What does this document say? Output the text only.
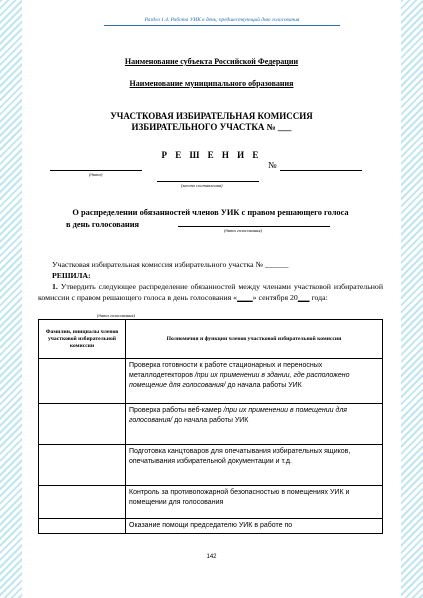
Раздел 1.4. Работа УИК в день, предшествующий дню голосования
Наименование субъекта Российской Федерации
Наименование муниципального образования
УЧАСТКОВАЯ ИЗБИРАТЕЛЬНАЯ КОМИССИЯ
ИЗБИРАТЕЛЬНОГО УЧАСТКА № ___
Р Е Ш Е Н И Е
(дата)
№
(место составления)
О распределении обязанностей членов УИК с правом решающего голоса
в день голосования
(дата голосования)
Участковая избирательная комиссия избирательного участка № ______
РЕШИЛА:
1. Утвердить следующее распределение обязанностей между членами участковой избирательной комиссии с правом решающего голоса в день голосования «____» сентября 20___ года:
(дата голосования)
Фамилии, инициалы членов участковой избирательной комиссии	Полномочия и функции членов участковой избирательной комиссии
	Проверка готовности к работе стационарных и переносных металлодетекторов /при их применении в здании, где расположено помещение для голосования/ до начала работы УИК
	Проверка работы веб-камер /при их применении в помещении для голосования/ до начала работы УИК
	Подготовка канцтоваров для опечатывания избирательных ящиков, опечатывания избирательной документации и т.д.
	Контроль за противопожарной безопасностью в помещениях УИК и помещении для голосования
	Оказание помощи председателю УИК в работе по
142
